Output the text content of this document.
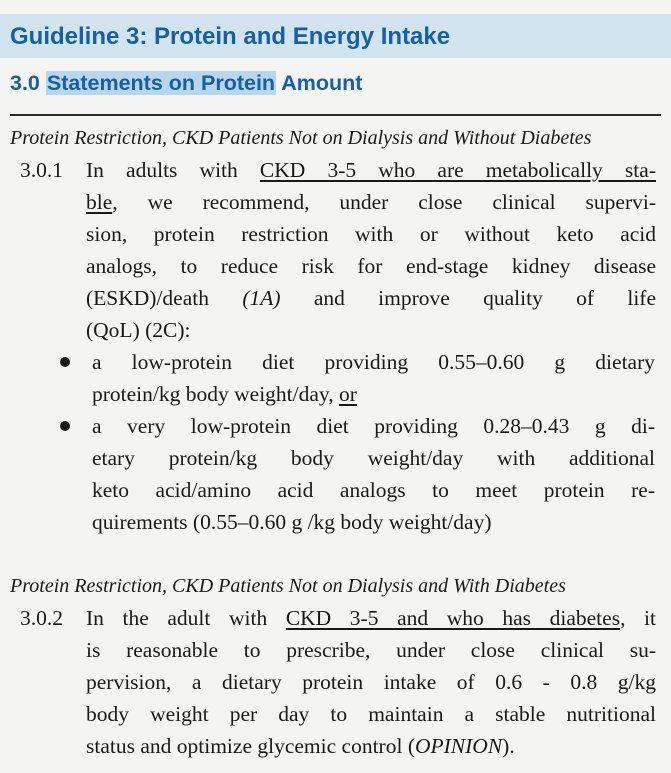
Guideline 3: Protein and Energy Intake
3.0 Statements on Protein Amount
Protein Restriction, CKD Patients Not on Dialysis and Without Diabetes
3.0.1 In adults with CKD 3-5 who are metabolically sta-
ble, we recommend, under close clinical supervi-
sion, protein restriction with or without keto acid
analogs, to reduce risk for end-stage kidney disease
(ESKD)/death (1A) and improve quality of life
(QoL) (2C):
a low-protein diet providing 0.55–0.60 g dietary
protein/kg body weight/day, or
a very low-protein diet providing 0.28–0.43 g di-
etary protein/kg body weight/day with additional
keto acid/amino acid analogs to meet protein re-
quirements (0.55–0.60 g /kg body weight/day)
Protein Restriction, CKD Patients Not on Dialysis and With Diabetes
3.0.2 In the adult with CKD 3-5 and who has diabetes, it
is reasonable to prescribe, under close clinical su-
pervision, a dietary protein intake of 0.6 - 0.8 g/kg
body weight per day to maintain a stable nutritional
status and optimize glycemic control (OPINION).
